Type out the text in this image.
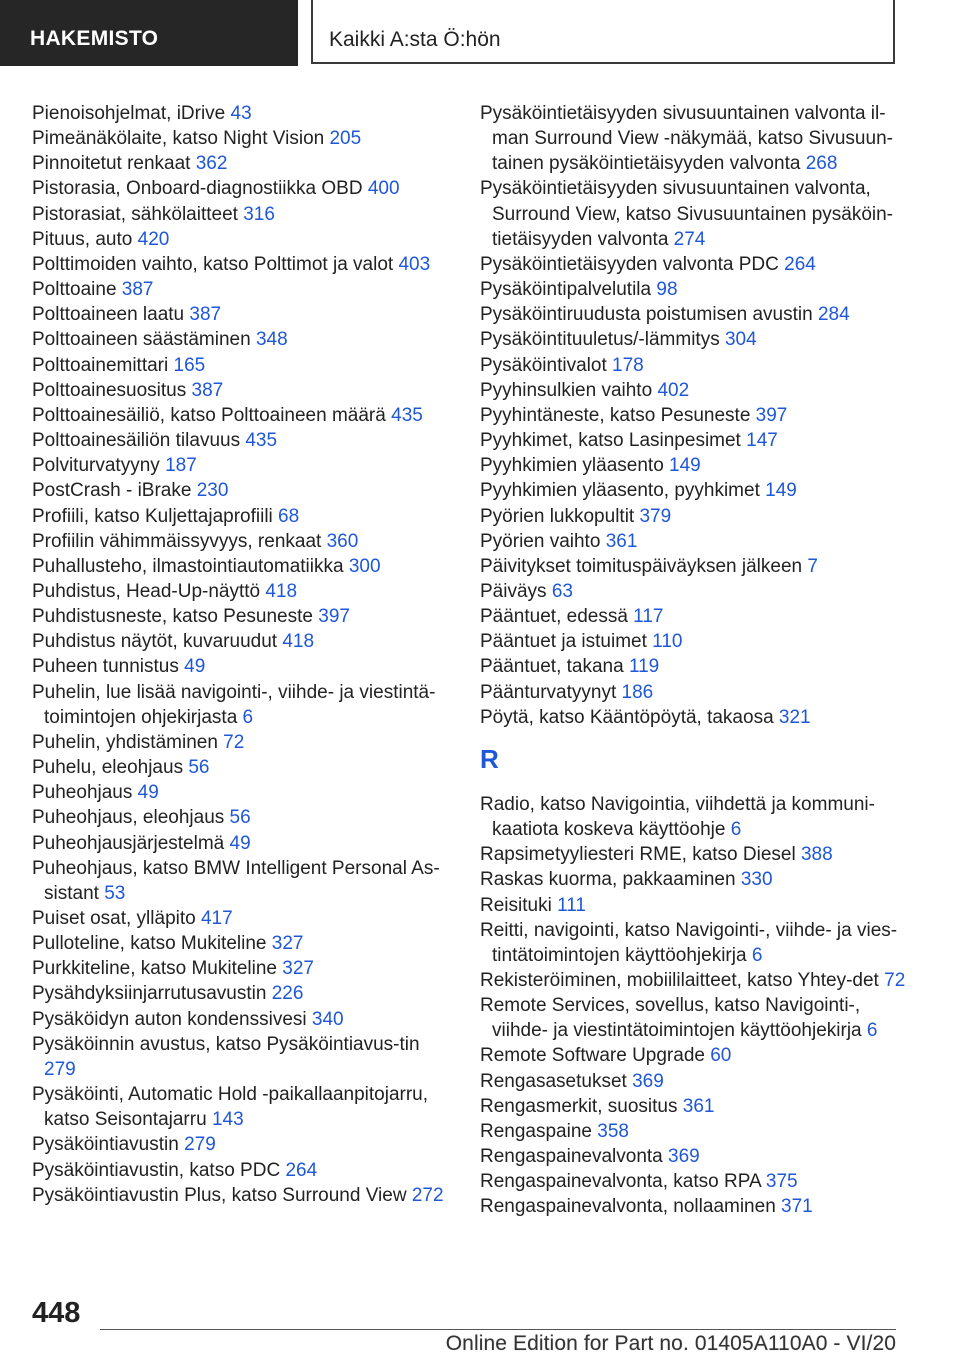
HAKEMISTO	Kaikki A:sta Ö:hön
Pienoisohjelmat, iDrive 43
Pimeänäkölaite, katso Night Vision 205
Pinnoitetut renkaat 362
Pistorasia, Onboard-diagnostiikka OBD 400
Pistorasiat, sähkölaitteet 316
Pituus, auto 420
Polttimoiden vaihto, katso Polttimot ja valot 403
Polttoaine 387
Polttoaineen laatu 387
Polttoaineen säästäminen 348
Polttoainemittari 165
Polttoainesuositus 387
Polttoainesäiliö, katso Polttoaineen määrä 435
Polttoainesäiliön tilavuus 435
Polviturvatyyny 187
PostCrash - iBrake 230
Profiili, katso Kuljettajaprofiili 68
Profiilin vähimmäissyvyys, renkaat 360
Puhallusteho, ilmastointiautomatiikka 300
Puhdistus, Head-Up-näyttö 418
Puhdistusneste, katso Pesuneste 397
Puhdistus näytöt, kuvaruudut 418
Puheen tunnistus 49
Puhelin, lue lisää navigointi-, viihde- ja viestintä-toimintojen ohjekirjasta 6
Puhelin, yhdistäminen 72
Puhelu, eleohjaus 56
Puheohjaus 49
Puheohjaus, eleohjaus 56
Puheohjausjärjestelmä 49
Puheohjaus, katso BMW Intelligent Personal As-sistant 53
Puiset osat, ylläpito 417
Pulloteline, katso Mukiteline 327
Purkkiteline, katso Mukiteline 327
Pysähdyksiinjarrutusavustin 226
Pysäköidyn auton kondenssivesi 340
Pysäköinnin avustus, katso Pysäköintiavus-tin 279
Pysäköinti, Automatic Hold -paikallaanpitojarru, katso Seisontajarru 143
Pysäköintiavustin 279
Pysäköintiavustin, katso PDC 264
Pysäköintiavustin Plus, katso Surround View 272
Pysäköintietäisyyden sivusuuntainen valvonta il-man Surround View -näkymää, katso Sivusuun-tainen pysäköintietäisyyden valvonta 268
Pysäköintietäisyyden sivusuuntainen valvonta, Surround View, katso Sivusuuntainen pysäköin-tietäisyyden valvonta 274
Pysäköintietäisyyden valvonta PDC 264
Pysäköintipalvelutila 98
Pysäköintiruudusta poistumisen avustin 284
Pysäköintituuletus/-lämmitys 304
Pysäköintivalot 178
Pyyhinsulkien vaihto 402
Pyyhintäneste, katso Pesuneste 397
Pyyhkimet, katso Lasinpesimet 147
Pyyhkimien yläasento 149
Pyyhkimien yläasento, pyyhkimet 149
Pyörien lukkopultit 379
Pyörien vaihto 361
Päivitykset toimituspäiväyksen jälkeen 7
Päiväys 63
Pääntuet, edessä 117
Pääntuet ja istuimet 110
Pääntuet, takana 119
Päänturvatyynyt 186
Pöytä, katso Kääntöpöytä, takaosa 321
R
Radio, katso Navigointia, viihdettä ja kommuni-kaatiota koskeva käyttöohje 6
Rapsimetyyliesteri RME, katso Diesel 388
Raskas kuorma, pakkaaminen 330
Reisituki 111
Reitti, navigointi, katso Navigointi-, viihde- ja vies-tintätoimintojen käyttöohjekirja 6
Rekisteröiminen, mobiililaitteet, katso Yhtey-det 72
Remote Services, sovellus, katso Navigointi-, viihde- ja viestintätoimintojen käyttöohjekirja 6
Remote Software Upgrade 60
Rengasasetukset 369
Rengasmerkit, suositus 361
Rengaspaine 358
Rengaspainevalvonta 369
Rengaspainevalvonta, katso RPA 375
Rengaspainevalvonta, nollaaminen 371
448
Online Edition for Part no. 01405A110A0 - VI/20
